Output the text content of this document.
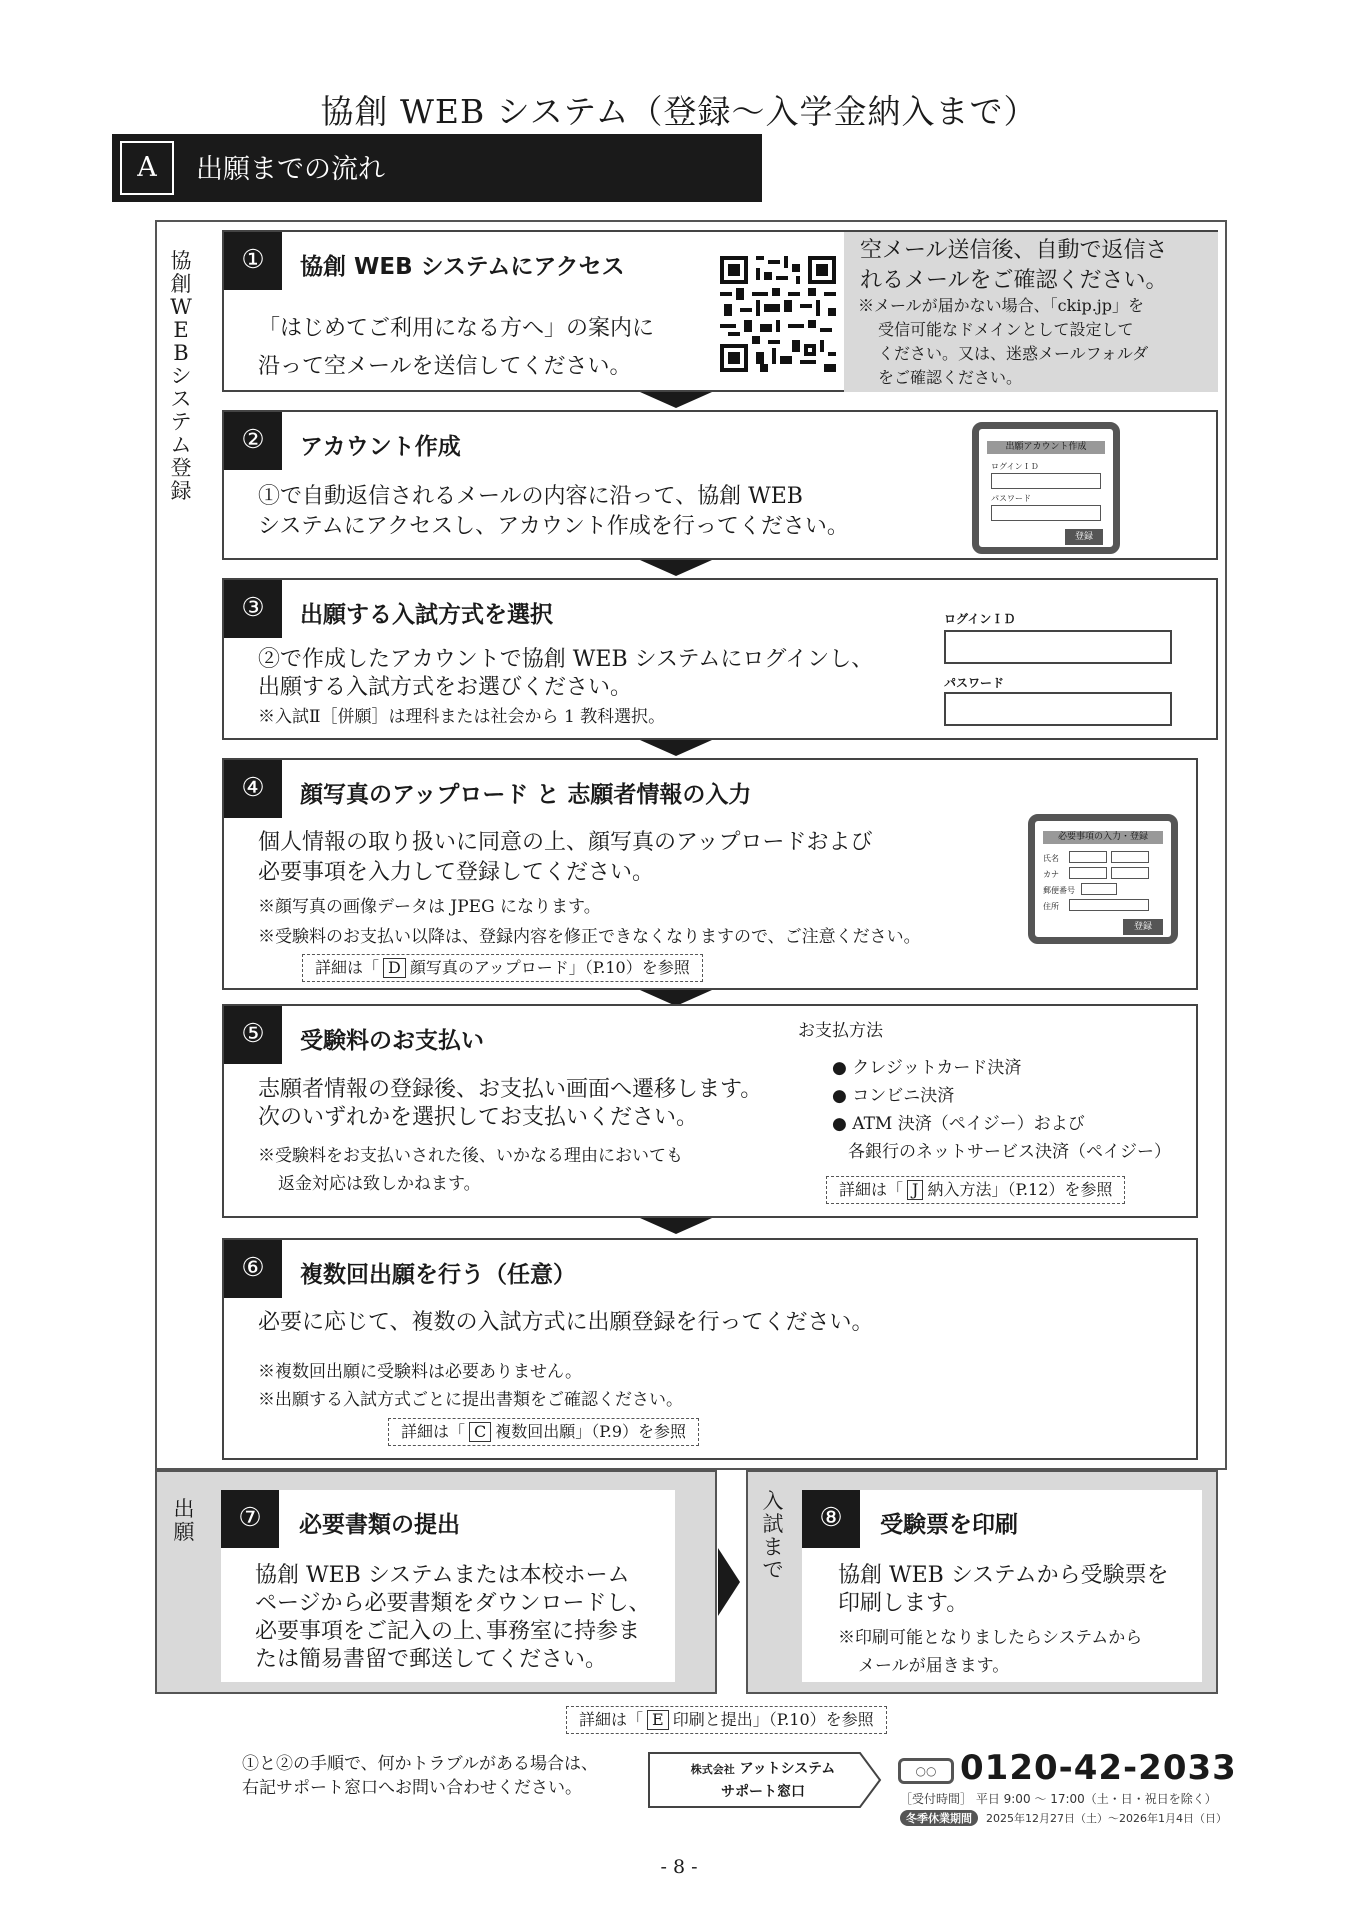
協創 WEB システム（登録〜入学金納入まで）
A	出願までの流れ
協創WEBシステム登録
①	協創 WEB システムにアクセス
「はじめてご利用になる方へ」の案内に
沿って空メールを送信してください。
空メール送信後、自動で返信さ
れるメールをご確認ください。
※メールが届かない場合、「ckip.jp」を
受信可能なドメインとして設定して
ください。又は、迷惑メールフォルダ
をご確認ください。
②	アカウント作成
①で自動返信されるメールの内容に沿って、協創 WEB
システムにアクセスし、アカウント作成を行ってください。
出願アカウント作成
ログインＩＤ
パスワード
登録
③	出願する入試方式を選択
②で作成したアカウントで協創 WEB システムにログインし、
出願する入試方式をお選びください。
※入試Ⅱ［併願］は理科または社会から 1 教科選択。
ログインＩＤ
パスワード
④	顔写真のアップロード と 志願者情報の入力
個人情報の取り扱いに同意の上、顔写真のアップロードおよび
必要事項を入力して登録してください。
※顔写真の画像データは JPEG になります。
※受験料のお支払い以降は、登録内容を修正できなくなりますので、ご注意ください。
詳細は「 D 顔写真のアップロード」（P.10）を参照
必要事項の入力・登録
氏名
カナ
郵便番号
住所
登録
⑤	受験料のお支払い
志願者情報の登録後、お支払い画面へ遷移します。
次のいずれかを選択してお支払いください。
※受験料をお支払いされた後、いかなる理由においても
返金対応は致しかねます。
お支払方法
● クレジットカード決済
● コンビニ決済
● ATM 決済（ペイジー）および
各銀行のネットサービス決済（ペイジー）
詳細は「 J 納入方法」（P.12）を参照
⑥	複数回出願を行う（任意）
必要に応じて、複数の入試方式に出願登録を行ってください。
※複数回出願に受験料は必要ありません。
※出願する入試方式ごとに提出書類をご確認ください。
詳細は「 C 複数回出願」（P.9）を参照
出願	⑦	必要書類の提出
協創 WEB システムまたは本校ホーム
ページから必要書類をダウンロードし、
必要事項をご記入の上､事務室に持参ま
たは簡易書留で郵送してください。
入試まで
⑧	受験票を印刷
協創 WEB システムから受験票を
印刷します。
※印刷可能となりましたらシステムから
メールが届きます。
詳細は「 E 印刷と提出」（P.10）を参照
①と②の手順で、何かトラブルがある場合は、
右記サポート窓口へお問い合わせください。
株式会社 アットシステム
サポート窓口
○○ 0120-42-2033
［受付時間］ 平日 9:00 〜 17:00（土・日・祝日を除く）
冬季休業期間 2025年12月27日（土）〜2026年1月4日（日）
- 8 -
